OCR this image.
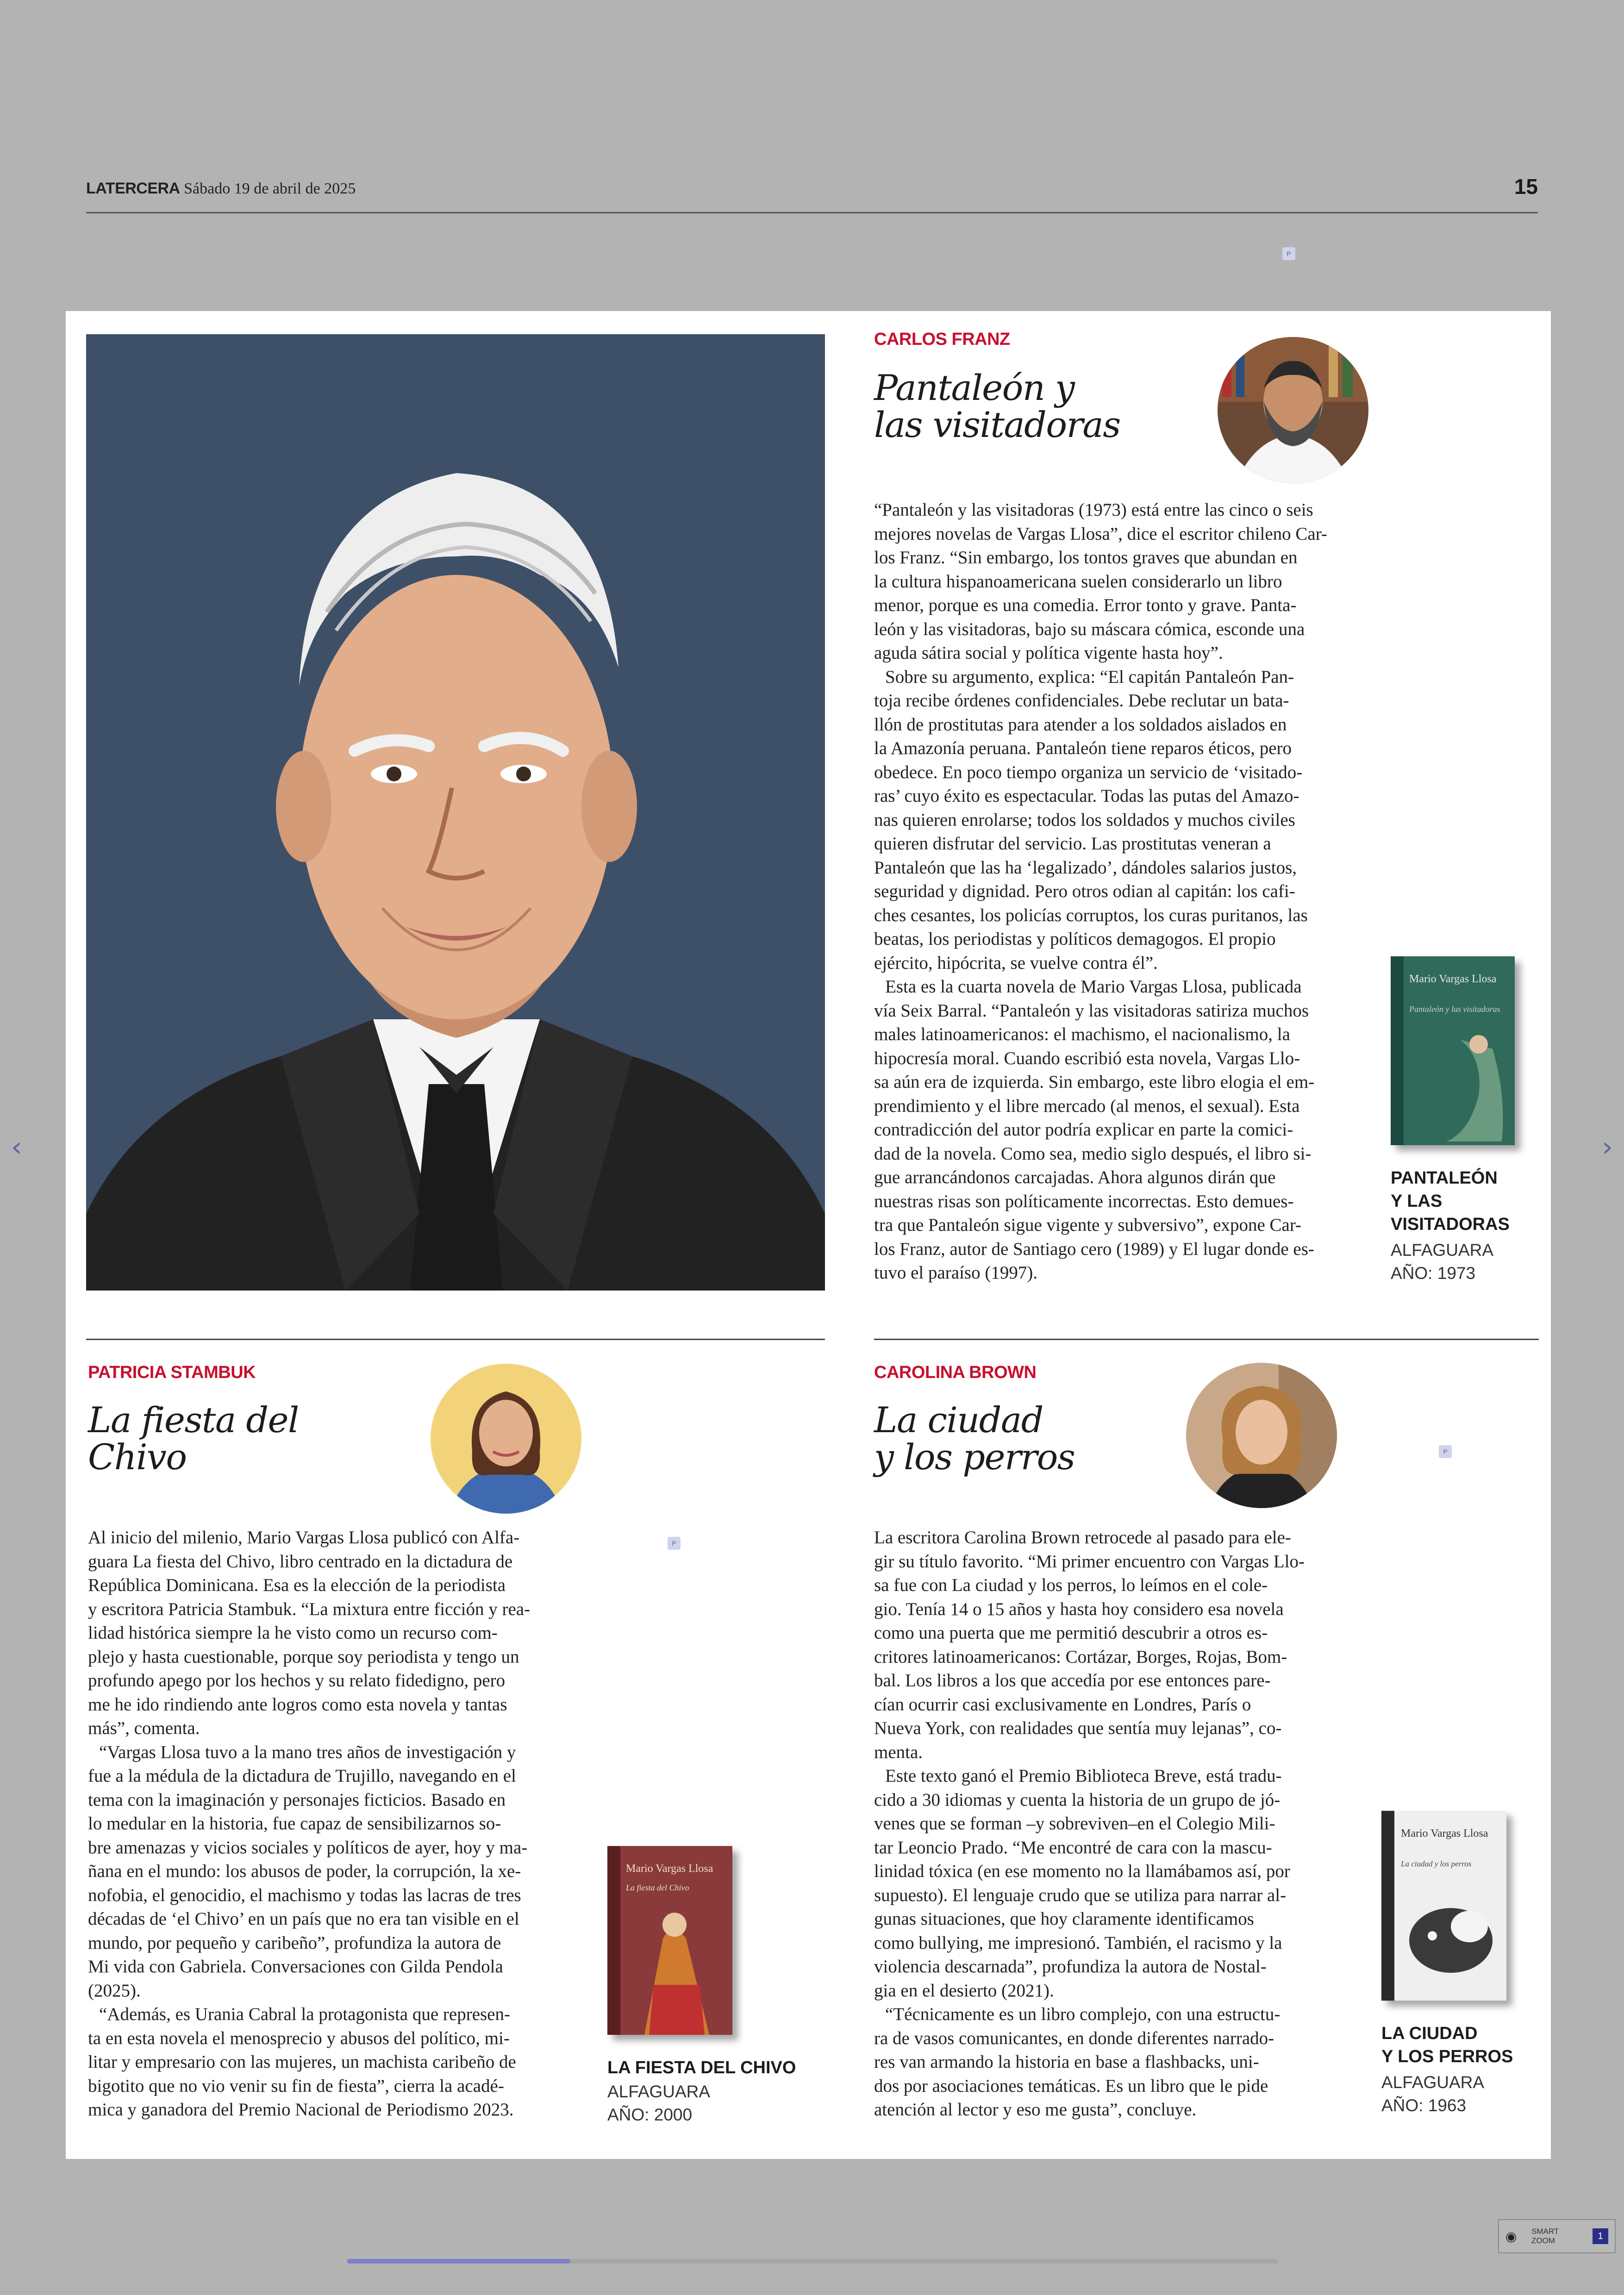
LATERCERA Sábado 19 de abril de 2025	15
P
CARLOS FRANZ
Pantaleón y
las visitadoras

“Pantaleón y las visitadoras (1973) está entre las cinco o seis

mejores novelas de Vargas Llosa”, dice el escritor chileno Car-
los Franz. “Sin embargo, los tontos graves que abundan en
la cultura hispanoamericana suelen considerarlo un libro
menor, porque es una comedia. Error tonto y grave. Panta-
león y las visitadoras, bajo su máscara cómica, esconde una
aguda sátira social y política vigente hasta hoy”.
Sobre su argumento, explica: “El capitán Pantaleón Pan-
toja recibe órdenes confidenciales. Debe reclutar un bata-
llón de prostitutas para atender a los soldados aislados en
la Amazonía peruana. Pantaleón tiene reparos éticos, pero
obedece. En poco tiempo organiza un servicio de ‘visitado-
ras’ cuyo éxito es espectacular. Todas las putas del Amazo-
nas quieren enrolarse; todos los soldados y muchos civiles
quieren disfrutar del servicio. Las prostitutas veneran a
Pantaleón que las ha ‘legalizado’, dándoles salarios justos,
seguridad y dignidad. Pero otros odian al capitán: los cafi-
ches cesantes, los policías corruptos, los curas puritanos, las
beatas, los periodistas y políticos demagogos. El propio
ejército, hipócrita, se vuelve contra él”.
Esta es la cuarta novela de Mario Vargas Llosa, publicada
vía Seix Barral. “Pantaleón y las visitadoras satiriza muchos
males latinoamericanos: el machismo, el nacionalismo, la
hipocresía moral. Cuando escribió esta novela, Vargas Llo-
sa aún era de izquierda. Sin embargo, este libro elogia el em-
prendimiento y el libre mercado (al menos, el sexual). Esta
contradicción del autor podría explicar en parte la comici-
dad de la novela. Como sea, medio siglo después, el libro si-
gue arrancándonos carcajadas. Ahora algunos dirán que
nuestras risas son políticamente incorrectas. Esto demues-
tra que Pantaleón sigue vigente y subversivo”, expone Car-
los Franz, autor de Santiago cero (1989) y El lugar donde es-
tuvo el paraíso (1997).
Mario Vargas Llosa
Pantaleón y las visitadoras
PANTALEÓN
Y LAS
VISITADORAS
ALFAGUARA
AÑO: 1973
PATRICIA STAMBUK
La fiesta del
Chivo
P
Al inicio del milenio, Mario Vargas Llosa publicó con Alfa-
guara La fiesta del Chivo, libro centrado en la dictadura de
República Dominicana. Esa es la elección de la periodista
y escritora Patricia Stambuk. “La mixtura entre ficción y rea-
lidad histórica siempre la he visto como un recurso com-
plejo y hasta cuestionable, porque soy periodista y tengo un
profundo apego por los hechos y su relato fidedigno, pero
me he ido rindiendo ante logros como esta novela y tantas
más”, comenta.
“Vargas Llosa tuvo a la mano tres años de investigación y
fue a la médula de la dictadura de Trujillo, navegando en el
tema con la imaginación y personajes ficticios. Basado en
lo medular en la historia, fue capaz de sensibilizarnos so-
bre amenazas y vicios sociales y políticos de ayer, hoy y ma-
ñana en el mundo: los abusos de poder, la corrupción, la xe-
nofobia, el genocidio, el machismo y todas las lacras de tres
décadas de ‘el Chivo’ en un país que no era tan visible en el
mundo, por pequeño y caribeño”, profundiza la autora de
Mi vida con Gabriela. Conversaciones con Gilda Pendola
(2025).
“Además, es Urania Cabral la protagonista que represen-
ta en esta novela el menosprecio y abusos del político, mi-
litar y empresario con las mujeres, un machista caribeño de
bigotito que no vio venir su fin de fiesta”, cierra la acadé-
mica y ganadora del Premio Nacional de Periodismo 2023.
Mario Vargas Llosa
La fiesta del Chivo
LA FIESTA DEL CHIVO
ALFAGUARA
AÑO: 2000
CAROLINA BROWN
La ciudad
y los perros	P
La escritora Carolina Brown retrocede al pasado para ele-
gir su título favorito. “Mi primer encuentro con Vargas Llo-
sa fue con La ciudad y los perros, lo leímos en el cole-
gio. Tenía 14 o 15 años y hasta hoy considero esa novela
como una puerta que me permitió descubrir a otros es-
critores latinoamericanos: Cortázar, Borges, Rojas, Bom-
bal. Los libros a los que accedía por ese entonces pare-
cían ocurrir casi exclusivamente en Londres, París o
Nueva York, con realidades que sentía muy lejanas”, co-
menta.
Este texto ganó el Premio Biblioteca Breve, está tradu-
cido a 30 idiomas y cuenta la historia de un grupo de jó-
venes que se forman –y sobreviven–en el Colegio Mili-
tar Leoncio Prado. “Me encontré de cara con la mascu-
linidad tóxica (en ese momento no la llamábamos así, por
supuesto). El lenguaje crudo que se utiliza para narrar al-
gunas situaciones, que hoy claramente identificamos
como bullying, me impresionó. También, el racismo y la
violencia descarnada”, profundiza la autora de Nostal-
gia en el desierto (2021).
“Técnicamente es un libro complejo, con una estructu-
ra de vasos comunicantes, en donde diferentes narrado-
res van armando la historia en base a flashbacks, uni-
dos por asociaciones temáticas. Es un libro que le pide
atención al lector y eso me gusta”, concluye.
Mario Vargas Llosa
La ciudad y los perros
LA CIUDAD
Y LOS PERROS
ALFAGUARA
AÑO: 1963
‹	›
◉	SMART
ZOOM	1
